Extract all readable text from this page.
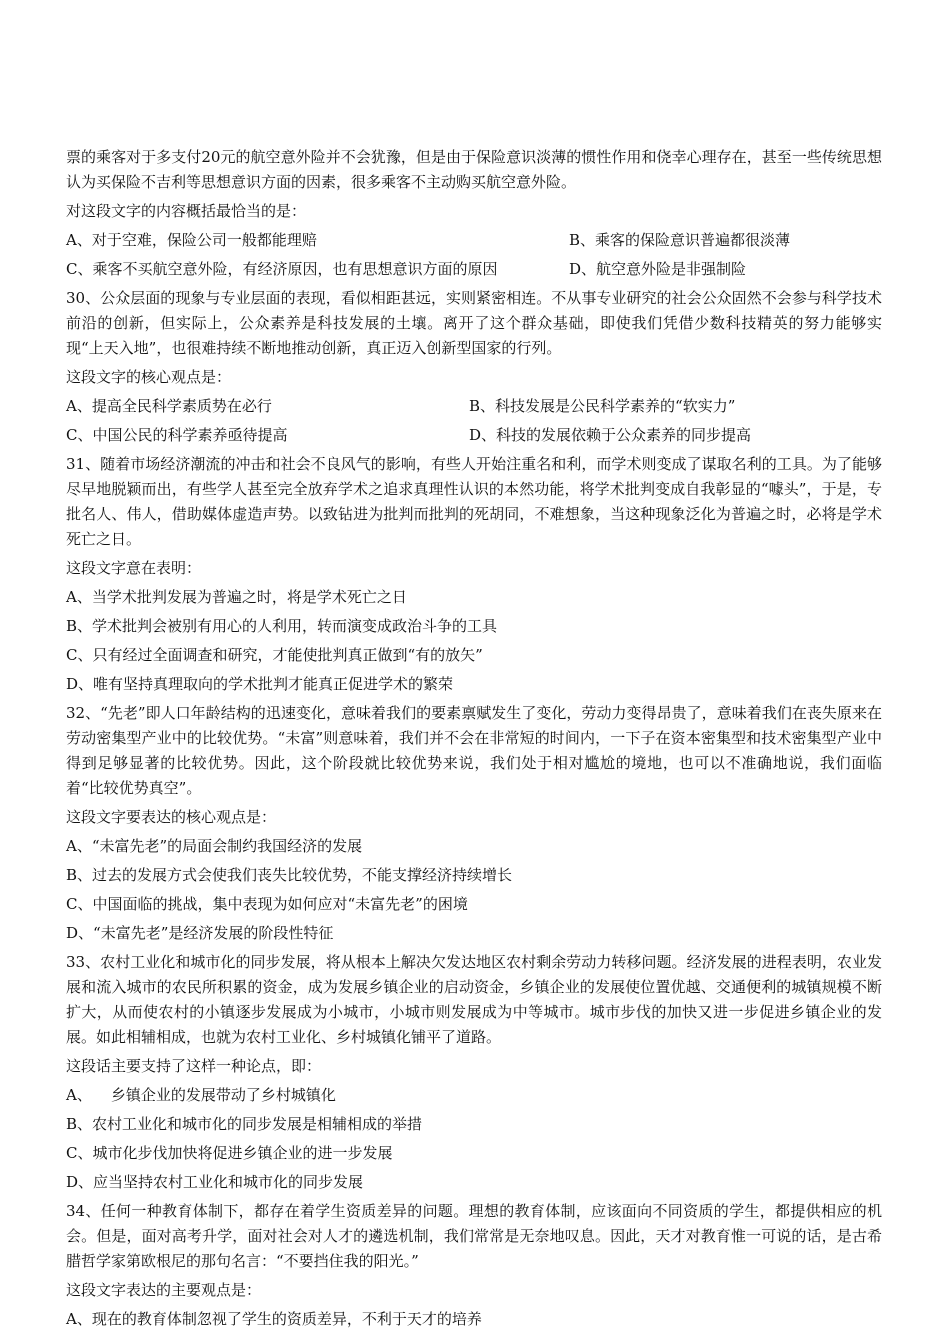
票的乘客对于多支付20元的航空意外险并不会犹豫，但是由于保险意识淡薄的惯性作用和侥幸心理存在，甚至一些传统思想认为买保险不吉利等思想意识方面的因素，很多乘客不主动购买航空意外险。

对这段文字的内容概括最恰当的是：

A、对于空难，保险公司一般都能理赔	B、乘客的保险意识普遍都很淡薄
C、乘客不买航空意外险，有经济原因，也有思想意识方面的原因	D、航空意外险是非强制险

30、公众层面的现象与专业层面的表现，看似相距甚远，实则紧密相连。不从事专业研究的社会公众固然不会参与科学技术前沿的创新，但实际上，公众素养是科技发展的土壤。离开了这个群众基础，即使我们凭借少数科技精英的努力能够实现“上天入地”，也很难持续不断地推动创新，真正迈入创新型国家的行列。

这段文字的核心观点是：

A、提高全民科学素质势在必行	B、科技发展是公民科学素养的“软实力”
C、中国公民的科学素养亟待提高	D、科技的发展依赖于公众素养的同步提高

31、随着市场经济潮流的冲击和社会不良风气的影响，有些人开始注重名和利，而学术则变成了谋取名利的工具。为了能够尽早地脱颖而出，有些学人甚至完全放弃学术之追求真理性认识的本然功能，将学术批判变成自我彰显的“噱头”，于是，专批名人、伟人，借助媒体虚造声势。以致钻进为批判而批判的死胡同，不难想象，当这种现象泛化为普遍之时，必将是学术死亡之日。

这段文字意在表明：

A、当学术批判发展为普遍之时，将是学术死亡之日
B、学术批判会被别有用心的人利用，转而演变成政治斗争的工具
C、只有经过全面调查和研究，才能使批判真正做到“有的放矢”
D、唯有坚持真理取向的学术批判才能真正促进学术的繁荣

32、“先老”即人口年龄结构的迅速变化，意味着我们的要素禀赋发生了变化，劳动力变得昂贵了，意味着我们在丧失原来在劳动密集型产业中的比较优势。“未富”则意味着，我们并不会在非常短的时间内，一下子在资本密集型和技术密集型产业中得到足够显著的比较优势。因此，这个阶段就比较优势来说，我们处于相对尴尬的境地，也可以不准确地说，我们面临着“比较优势真空”。

这段文字要表达的核心观点是：

A、“未富先老”的局面会制约我国经济的发展
B、过去的发展方式会使我们丧失比较优势，不能支撑经济持续增长
C、中国面临的挑战，集中表现为如何应对“未富先老”的困境
D、“未富先老”是经济发展的阶段性特征

33、农村工业化和城市化的同步发展，将从根本上解决欠发达地区农村剩余劳动力转移问题。经济发展的进程表明，农业发展和流入城市的农民所积累的资金，成为发展乡镇企业的启动资金，乡镇企业的发展使位置优越、交通便利的城镇规模不断扩大，从而使农村的小镇逐步发展成为小城市，小城市则发展成为中等城市。城市步伐的加快又进一步促进乡镇企业的发展。如此相辅相成，也就为农村工业化、乡村城镇化铺平了道路。

这段话主要支持了这样一种论点，即：

A、    乡镇企业的发展带动了乡村城镇化
B、农村工业化和城市化的同步发展是相辅相成的举措
C、城市化步伐加快将促进乡镇企业的进一步发展
D、应当坚持农村工业化和城市化的同步发展

34、任何一种教育体制下，都存在着学生资质差异的问题。理想的教育体制，应该面向不同资质的学生，都提供相应的机会。但是，面对高考升学，面对社会对人才的遴选机制，我们常常是无奈地叹息。因此，天才对教育惟一可说的话，是古希腊哲学家第欧根尼的那句名言：“不要挡住我的阳光。”

这段文字表达的主要观点是：

A、现在的教育体制忽视了学生的资质差异，不利于天才的培养
